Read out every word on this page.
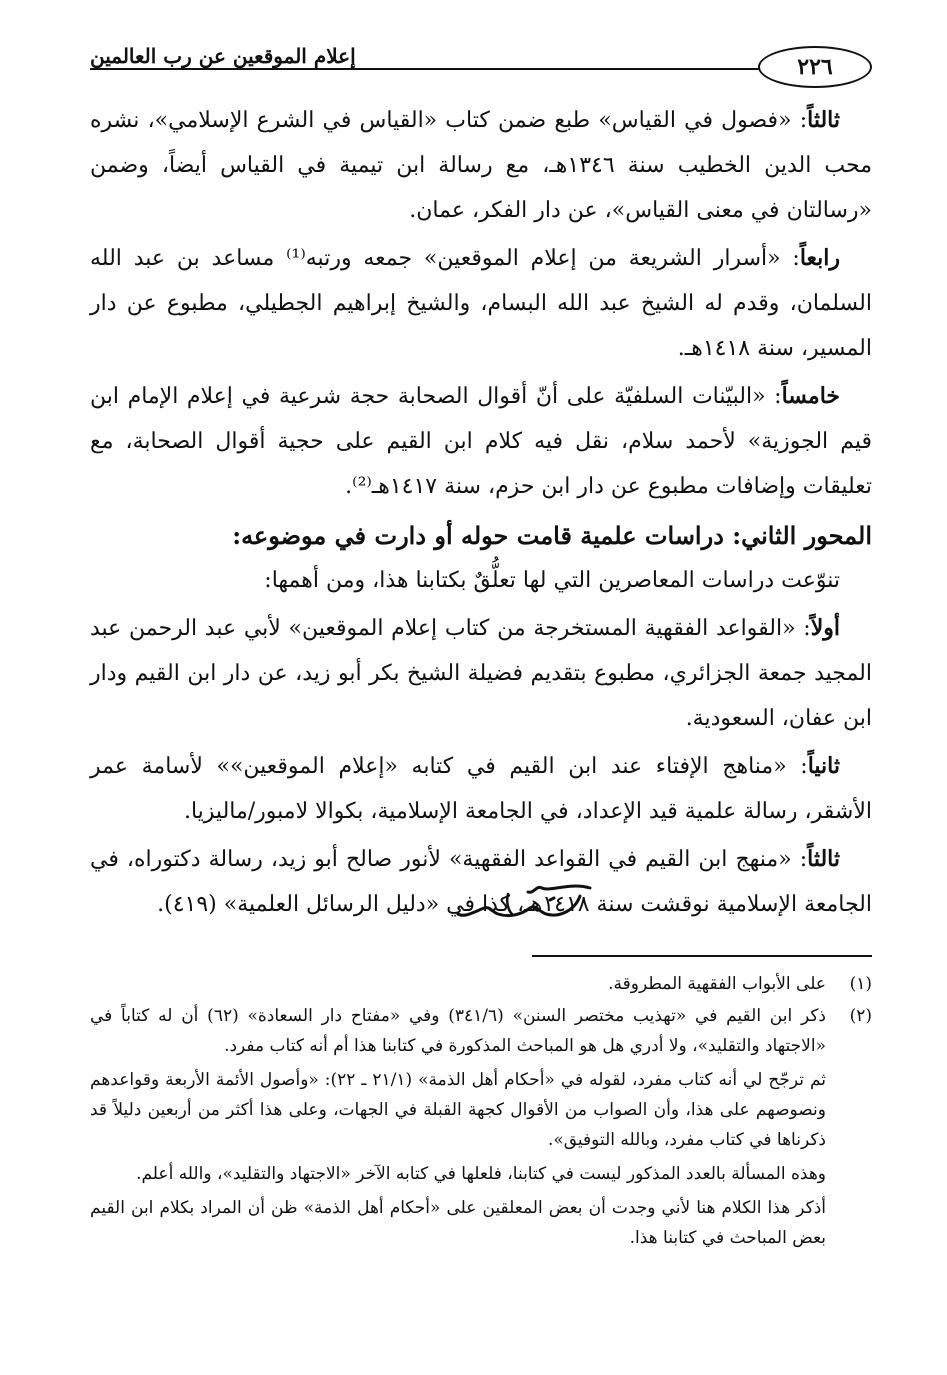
٢٢٦
إعلام الموقعين عن رب العالمين

ثالثاً: «فصول في القياس» طبع ضمن كتاب «القياس في الشرع الإسلامي»، نشره محب الدين الخطيب سنة ١٣٤٦هـ، مع رسالة ابن تيمية في القياس أيضاً، وضمن «رسالتان في معنى القياس»، عن دار الفكر، عمان.

رابعاً: «أسرار الشريعة من إعلام الموقعين» جمعه ورتبه⁽¹⁾ مساعد بن عبد الله السلمان، وقدم له الشيخ عبد الله البسام، والشيخ إبراهيم الجطيلي، مطبوع عن دار المسير، سنة ١٤١٨هـ.

خامساً: «البيّنات السلفيّة على أنّ أقوال الصحابة حجة شرعية في إعلام الإمام ابن قيم الجوزية» لأحمد سلام، نقل فيه كلام ابن القيم على حجية أقوال الصحابة، مع تعليقات وإضافات مطبوع عن دار ابن حزم، سنة ١٤١٧هـ⁽²⁾.

المحور الثاني: دراسات علمية قامت حوله أو دارت في موضوعه:

تنوّعت دراسات المعاصرين التي لها تعلُّقٌ بكتابنا هذا، ومن أهمها:

أولاً: «القواعد الفقهية المستخرجة من كتاب إعلام الموقعين» لأبي عبد الرحمن عبد المجيد جمعة الجزائري، مطبوع بتقديم فضيلة الشيخ بكر أبو زيد، عن دار ابن القيم ودار ابن عفان، السعودية.

ثانياً: «مناهج الإفتاء عند ابن القيم في كتابه «إعلام الموقعين»» لأسامة عمر الأشقر، رسالة علمية قيد الإعداد، في الجامعة الإسلامية، بكوالا لامبور/ماليزيا.

ثالثاً: «منهج ابن القيم في القواعد الفقهية» لأنور صالح أبو زيد، رسالة دكتوراه، في الجامعة الإسلامية نوقشت سنة ١٤١٨هـ، كذا في «دليل الرسائل العلمية» (٤١٩).

(١)
على الأبواب الفقهية المطروقة.
(٢)
ذكر ابن القيم في «تهذيب مختصر السنن» (٣٤١/٦) وفي «مفتاح دار السعادة» (٦٢) أن له كتاباً في «الاجتهاد والتقليد»، ولا أدري هل هو المباحث المذكورة في كتابنا هذا أم أنه كتاب مفرد.
ثم ترجّح لي أنه كتاب مفرد، لقوله في «أحكام أهل الذمة» (٢١/١ ـ ٢٢): «وأصول الأئمة الأربعة وقواعدهم ونصوصهم على هذا، وأن الصواب من الأقوال كجهة القبلة في الجهات، وعلى هذا أكثر من أربعين دليلاً قد ذكرناها في كتاب مفرد، وبالله التوفيق».
وهذه المسألة بالعدد المذكور ليست في كتابنا، فلعلها في كتابه الآخر «الاجتهاد والتقليد»، والله أعلم.
أذكر هذا الكلام هنا لأني وجدت أن بعض المعلقين على «أحكام أهل الذمة» ظن أن المراد بكلام ابن القيم بعض المباحث في كتابنا هذا.
